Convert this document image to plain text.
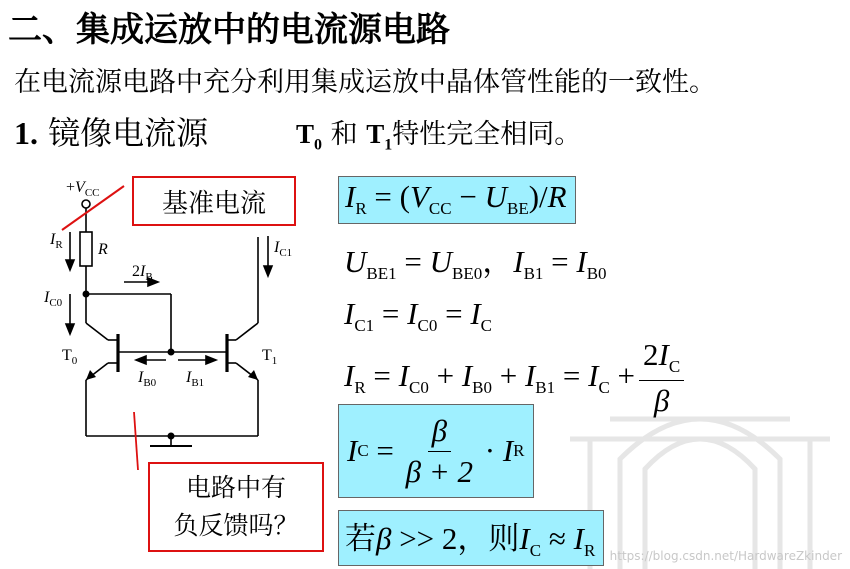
二、集成运放中的电流源电路
在电流源电路中充分利用集成运放中晶体管性能的一致性。
1. 镜像电流源	$T_0$ 和 $T_1$特性完全相同。
$+V_{CC}$
$I_R$ R	$I_{C1}$
$I_{C0}$
$2I_B$
$T_0$	$T_1$
$I_{B0}$ $I_{B1}$
基准电流
电路中有
负反馈吗？
$I_R = (V_{CC} - U_{BE})/R$
$U_{BE1} = U_{BE0}$，$I_{B1} = I_{B0}$
$I_{C1} = I_{C0} = I_C$
$I_R = I_{C0} + I_{B0} + I_{B1} = I_C + \frac{2I_C}{\beta}$
I $C = \frac{\beta}{\beta + 2} \cdot I$ R
若β >> 2，则$I_C \approx I_R$	https://blog.csdn.net/HardwareZkinder
